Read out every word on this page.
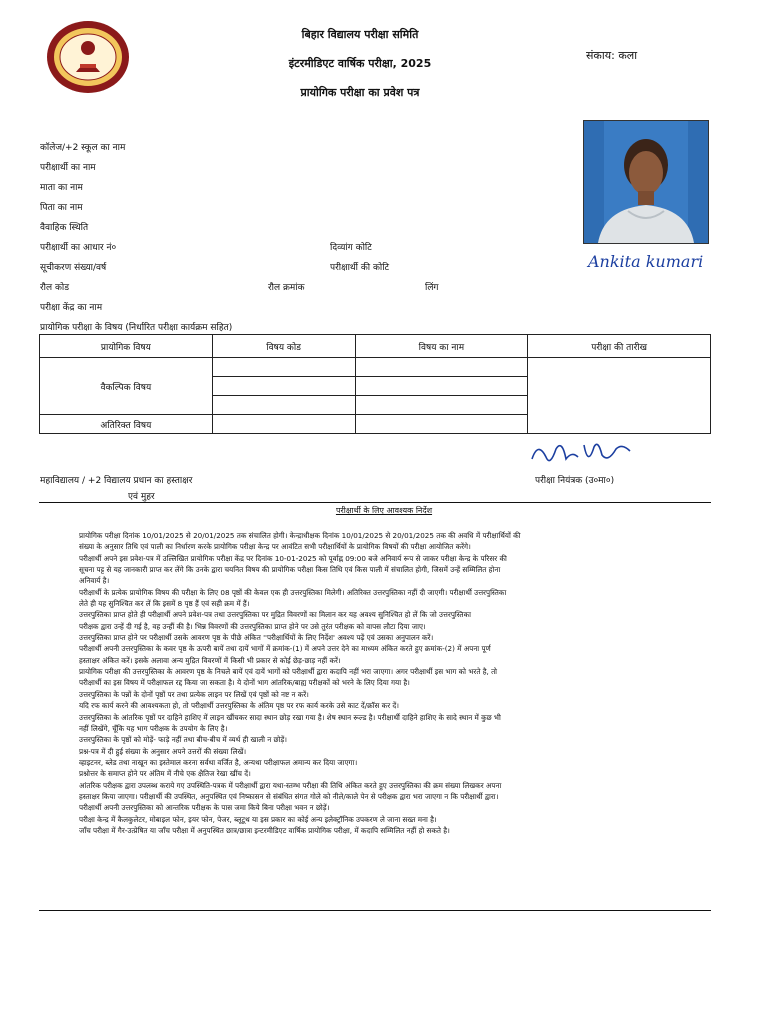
बिहार विद्यालय परीक्षा समिति
इंटरमीडिएट वार्षिक परीक्षा, 2025
प्रायोगिक परीक्षा का प्रवेश पत्र
संकाय: कला
Ankita kumari
कॉलेज/+2 स्कूल का नाम
परीक्षार्थी का नाम
माता का नाम
पिता का नाम
वैवाहिक स्थिति
परीक्षार्थी का आधार नं०	दिव्यांग कोटि
सूचीकरण संख्या/वर्ष	परीक्षार्थी की कोटि
रौल कोड	रौल क्रमांक	लिंग
परीक्षा केंद्र का नाम
प्रायोगिक परीक्षा के विषय (निर्धारित परीक्षा कार्यक्रम सहित)
प्रायोगिक विषय	विषय कोड	विषय का नाम	परीक्षा की तारीख
वैकल्पिक विषय			

अतिरिक्त विषय			
महाविद्यालय / +2 विद्यालय प्रधान का हस्ताक्षर
एवं मुहर
परीक्षा नियंत्रक (उ०मा०)
परीक्षार्थी के लिए आवश्यक निर्देश
प्रायोगिक परीक्षा दिनांक 10/01/2025 से 20/01/2025 तक संचालित होगी। केन्द्राधीक्षक दिनांक 10/01/2025 से 20/01/2025 तक की अवधि में परीक्षार्थियों की
संख्या के अनुसार तिथि एवं पाली का निर्धारण करके प्रायोगिक परीक्षा केन्द्र पर आवंटित सभी परीक्षार्थियों के प्रायोगिक विषयों की परीक्षा आयोजित करेंगे।
परीक्षार्थी अपने इस प्रवेश-पत्र में उल्लिखित प्रायोगिक परीक्षा केंद्र पर दिनांक 10-01-2025 को पूर्वाह्न 09:00 बजे अनिवार्य रूप से जाकर परीक्षा केन्द्र के परिसर की
सूचना पट्ट से यह जानकारी प्राप्त कर लेंगे कि उनके द्वारा चयनित विषय की प्रायोगिक परीक्षा किस तिथि एवं किस पाली में संचालित होगी, जिसमें उन्हें सम्मिलित होना
अनिवार्य है।
परीक्षार्थी के प्रत्येक प्रायोगिक विषय की परीक्षा के लिए 08 पृष्ठों की केवल एक ही उत्तरपुस्तिका मिलेगी। अतिरिक्त उत्तरपुस्तिका नहीं दी जाएगी। परीक्षार्थी उत्तरपुस्तिका
लेते ही यह सुनिश्चित कर लें कि इसमें 8 पृष्ठ हैं एवं सही क्रम में हैं।
उत्तरपुस्तिका प्राप्त होते ही परीक्षार्थी अपने प्रवेश-पत्र तथा उत्तरपुस्तिका पर मुद्रित विवरणों का मिलान कर यह अवश्य सुनिश्चित हो लें कि जो उत्तरपुस्तिका
परीक्षक द्वारा उन्हें दी गई है, वह उन्हीं की है। भिन्न विवरणों की उत्तरपुस्तिका प्राप्त होने पर उसे तुरंत परीक्षक को वापस लौटा दिया जाए।
उत्तरपुस्तिका प्राप्त होने पर परीक्षार्थी उसके आवरण पृष्ठ के पीछे अंकित ''परीक्षार्थियों के लिए निर्देश' अवश्य पढ़ें एवं उसका अनुपालन करें।
परीक्षार्थी अपनी उत्तरपुस्तिका के कवर पृष्ठ के ऊपरी बायें तथा दायें भागों में क्रमांक-(1) में अपने उत्तर देने का माध्यम अंकित करते हुए क्रमांक-(2) में अपना पूर्ण
हस्ताक्षर अंकित करें। इसके अलावा अन्य मुद्रित विवरणों में किसी भी प्रकार से कोई छेड़-छाड़ नहीं करें।
प्रायोगिक परीक्षा की उत्तरपुस्तिका के आवरण पृष्ठ के निचले बायें एवं दायें भागों को परीक्षार्थी द्वारा कदापि नहीं भरा जाएगा। अगर परीक्षार्थी इस भाग को भरते है, तो
परीक्षार्थी का इस विषय में परीक्षाफल रद्द किया जा सकता है। ये दोनों भाग आंतरिक/बाह्य परीक्षकों को भरने के लिए दिया गया है।
उत्तरपुस्तिका के पन्नों के दोनों पृष्ठों पर तथा प्रत्येक लाइन पर लिखें एवं पृष्ठों को नष्ट न करें।
यदि रफ कार्य करने की आवश्यकता हो, तो परीक्षार्थी उत्तरपुस्तिका के अंतिम पृष्ठ पर रफ कार्य करके उसे काट दें/क्रॉस कर दें।
उत्तरपुस्तिका के आंतरिक पृष्ठों पर दाहिने हाशिए में लाइन खींचकर सादा स्थान छोड़ रखा गया है। शेष स्थान रूल्ड है। परीक्षार्थी दाहिने हाशिए के सादे स्थान में कुछ भी
नहीं लिखेंगे, चूँकि यह भाग परीक्षक के उपयोग के लिए है।
उत्तरपुस्तिका के पृष्ठों को मोड़ें- फाड़े नहीं तथा बीच-बीच में व्यर्थ ही खाली न छोड़ें।
प्रश्न-पत्र में दी हुई संख्या के अनुसार अपने उत्तरों की संख्या लिखें।
व्हाइटनर, ब्लेड तथा नाखून का इस्तेमाल करना सर्वथा वर्जित है, अन्यथा परीक्षाफल अमान्य कर दिया जाएगा।
प्रश्नोत्तर के समाप्त होने पर अंतिम में नीचे एक क्षैतिज रेखा खींच दें।
आंतरिक परीक्षक द्वारा उपलब्ध कराये गए उपस्थिति-पत्रक में परीक्षार्थी द्वारा यथा-स्तम्भ परीक्षा की तिथि अंकित करते हुए उत्तरपुस्तिका की क्रम संख्या लिखकर अपना
हस्ताक्षर किया जाएगा। परीक्षार्थी की उपस्थित, अनुपस्थित एवं निष्कासन से संबंधित संगत गोले को नीले/काले पेन से परीक्षक द्वारा भरा जाएगा न कि परीक्षार्थी द्वारा।
परीक्षार्थी अपनी उत्तरपुस्तिका को आन्तरिक परीक्षक के पास जमा किये बिना परीक्षा भवन न छोड़ें।
परीक्षा केन्द्र में कैलकुलेटर, मोबाइल फोन, इयर फोन, पेजर, ब्लूटूथ या इस प्रकार का कोई अन्य इलेक्ट्रॉनिक उपकरण ले जाना सख्त मना है।
जाँच परीक्षा में गैर-उत्प्रेषित या जाँच परीक्षा में अनुपस्थित छात्र/छात्रा इन्टरमीडिएट वार्षिक प्रायोगिक परीक्षा, में कदापि सम्मिलित नहीं हो सकते है।
